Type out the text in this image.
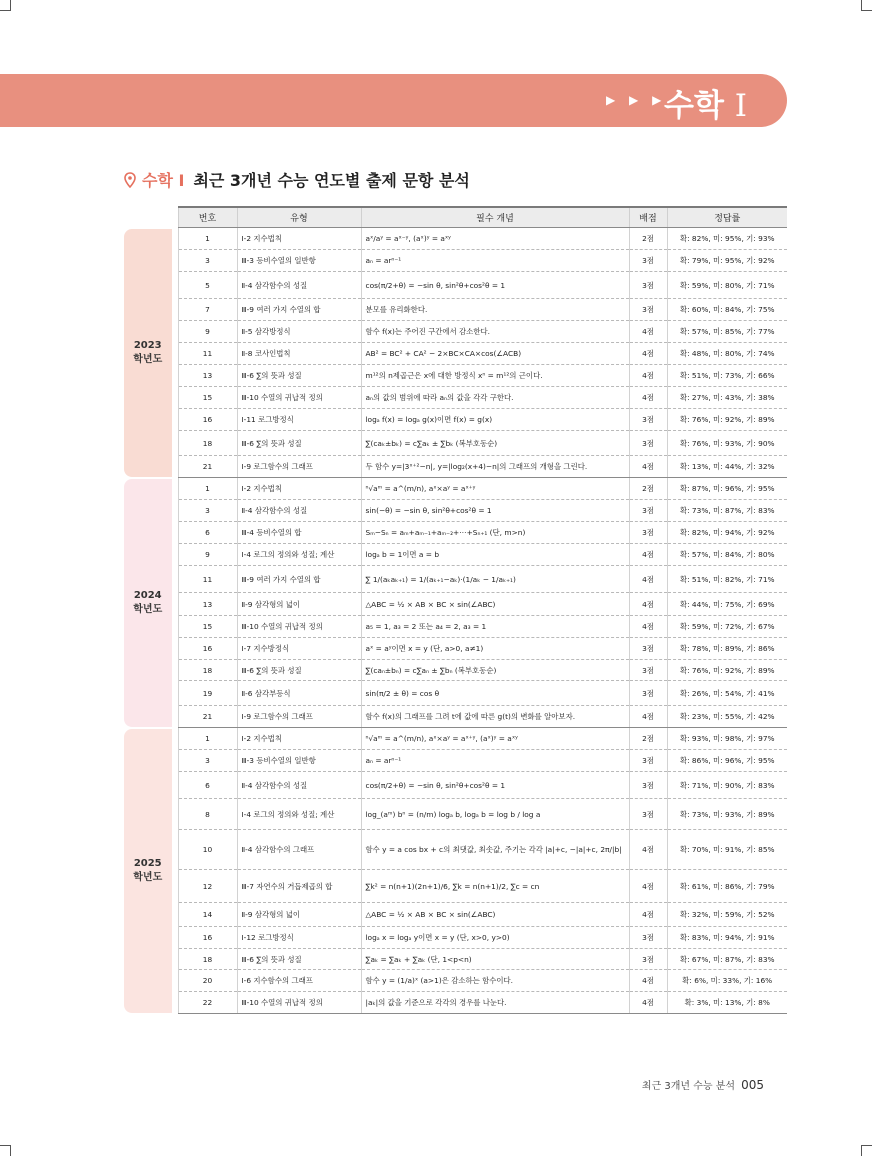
▶ ▶ ▶
수학 Ⅰ
수학 Ⅰ 최근 3개년 수능 연도별 출제 문항 분석
	번호	유형	필수 개념	배점	정답률

2023
학년도	1	Ⅰ-2 지수법칙	aˣ/aʸ = aˣ⁻ʸ, (aˣ)ʸ = aˣʸ	2점	확: 82%, 미: 95%, 기: 93%
	3	Ⅲ-3 등비수열의 일반항	aₙ = arⁿ⁻¹	3점	확: 79%, 미: 95%, 기: 92%
	5	Ⅱ-4 삼각함수의 성질	cos(π/2+θ) = −sin θ, sin²θ+cos²θ = 1	3점	확: 59%, 미: 80%, 기: 71%
	7	Ⅲ-9 여러 가지 수열의 합	분모를 유리화한다.	3점	확: 60%, 미: 84%, 기: 75%
	9	Ⅱ-5 삼각방정식	함수 f(x)는 주어진 구간에서 감소한다.	4점	확: 57%, 미: 85%, 기: 77%
	11	Ⅱ-8 코사인법칙	AB² = BC² + CA² − 2×BC×CA×cos(∠ACB)	4점	확: 48%, 미: 80%, 기: 74%
	13	Ⅲ-6 ∑의 뜻과 성질	m¹²의 n제곱근은 x에 대한 방정식 xⁿ = m¹²의 근이다.	4점	확: 51%, 미: 73%, 기: 66%
	15	Ⅲ-10 수열의 귀납적 정의	aₙ의 값의 범위에 따라 aₙ의 값을 각각 구한다.	4점	확: 27%, 미: 43%, 기: 38%
	16	Ⅰ-11 로그방정식	logₐ f(x) = logₐ g(x)이면 f(x) = g(x)	3점	확: 76%, 미: 92%, 기: 89%
	18	Ⅲ-6 ∑의 뜻과 성질	∑(caₖ±bₖ) = c∑aₖ ± ∑bₖ (복부호동순)	3점	확: 76%, 미: 93%, 기: 90%
	21	Ⅰ-9 로그함수의 그래프	두 함수 y=|3ˣ⁺²−n|, y=|log₂(x+4)−n|의 그래프의 개형을 그린다.	4점	확: 13%, 미: 44%, 기: 32%

2024
학년도	1	Ⅰ-2 지수법칙	ⁿ√aᵐ = a^(m/n), aˣ×aʸ = aˣ⁺ʸ	2점	확: 87%, 미: 96%, 기: 95%
	3	Ⅱ-4 삼각함수의 성질	sin(−θ) = −sin θ, sin²θ+cos²θ = 1	3점	확: 73%, 미: 87%, 기: 83%
	6	Ⅲ-4 등비수열의 합	Sₘ−Sₙ = aₘ+aₘ₋₁+aₘ₋₂+⋯+Sₙ₊₁ (단, m>n)	3점	확: 82%, 미: 94%, 기: 92%
	9	Ⅰ-4 로그의 정의와 성질; 계산	logₐ b = 1이면 a = b	4점	확: 57%, 미: 84%, 기: 80%
	11	Ⅲ-9 여러 가지 수열의 합	∑ 1/(aₖaₖ₊₁) = 1/(aₖ₊₁−aₖ)·(1/aₖ − 1/aₖ₊₁)	4점	확: 51%, 미: 82%, 기: 71%
	13	Ⅱ-9 삼각형의 넓이	△ABC = ½ × AB × BC × sin(∠ABC)	4점	확: 44%, 미: 75%, 기: 69%
	15	Ⅲ-10 수열의 귀납적 정의	a₅ = 1, a₃ = 2 또는 a₄ = 2, a₃ = 1	4점	확: 59%, 미: 72%, 기: 67%
	16	Ⅰ-7 지수방정식	aˣ = aʸ이면 x = y (단, a>0, a≠1)	3점	확: 78%, 미: 89%, 기: 86%
	18	Ⅲ-6 ∑의 뜻과 성질	∑(caₙ±bₙ) = c∑aₙ ± ∑bₙ (복부호동순)	3점	확: 76%, 미: 92%, 기: 89%
	19	Ⅱ-6 삼각부등식	sin(π/2 ± θ) = cos θ	3점	확: 26%, 미: 54%, 기: 41%
	21	Ⅰ-9 로그함수의 그래프	함수 f(x)의 그래프를 그려 t에 값에 따른 g(t)의 변화를 알아보자.	4점	확: 23%, 미: 55%, 기: 42%

2025
학년도	1	Ⅰ-2 지수법칙	ⁿ√aᵐ = a^(m/n), aˣ×aʸ = aˣ⁺ʸ, (aˣ)ʸ = aˣʸ	2점	확: 93%, 미: 98%, 기: 97%
	3	Ⅲ-3 등비수열의 일반항	aₙ = arⁿ⁻¹	3점	확: 86%, 미: 96%, 기: 95%
	6	Ⅱ-4 삼각함수의 성질	cos(π/2+θ) = −sin θ, sin²θ+cos²θ = 1	3점	확: 71%, 미: 90%, 기: 83%
	8	Ⅰ-4 로그의 정의와 성질; 계산	log_(aᵐ) bⁿ = (n/m) logₐ b, logₐ b = log b / log a	3점	확: 73%, 미: 93%, 기: 89%
	10	Ⅱ-4 삼각함수의 그래프	함수 y = a cos bx + c의 최댓값, 최솟값, 주기는 각각 |a|+c, −|a|+c, 2π/|b|	4점	확: 70%, 미: 91%, 기: 85%
	12	Ⅲ-7 자연수의 거듭제곱의 합	∑k² = n(n+1)(2n+1)/6, ∑k = n(n+1)/2, ∑c = cn	4점	확: 61%, 미: 86%, 기: 79%
	14	Ⅱ-9 삼각형의 넓이	△ABC = ½ × AB × BC × sin(∠ABC)	4점	확: 32%, 미: 59%, 기: 52%
	16	Ⅰ-12 로그방정식	logₐ x = logₐ y이면 x = y (단, x>0, y>0)	3점	확: 83%, 미: 94%, 기: 91%
	18	Ⅲ-6 ∑의 뜻과 성질	∑aₖ = ∑aₖ + ∑aₖ (단, 1<p<n)	3점	확: 67%, 미: 87%, 기: 83%
	20	Ⅰ-6 지수함수의 그래프	함수 y = (1/a)ˣ (a>1)은 감소하는 함수이다.	4점	확: 6%, 미: 33%, 기: 16%
	22	Ⅲ-10 수열의 귀납적 정의	|aₖ|의 값을 기준으로 각각의 경우를 나눈다.	4점	확: 3%, 미: 13%, 기: 8%
최근 3개년 수능 분석 005
